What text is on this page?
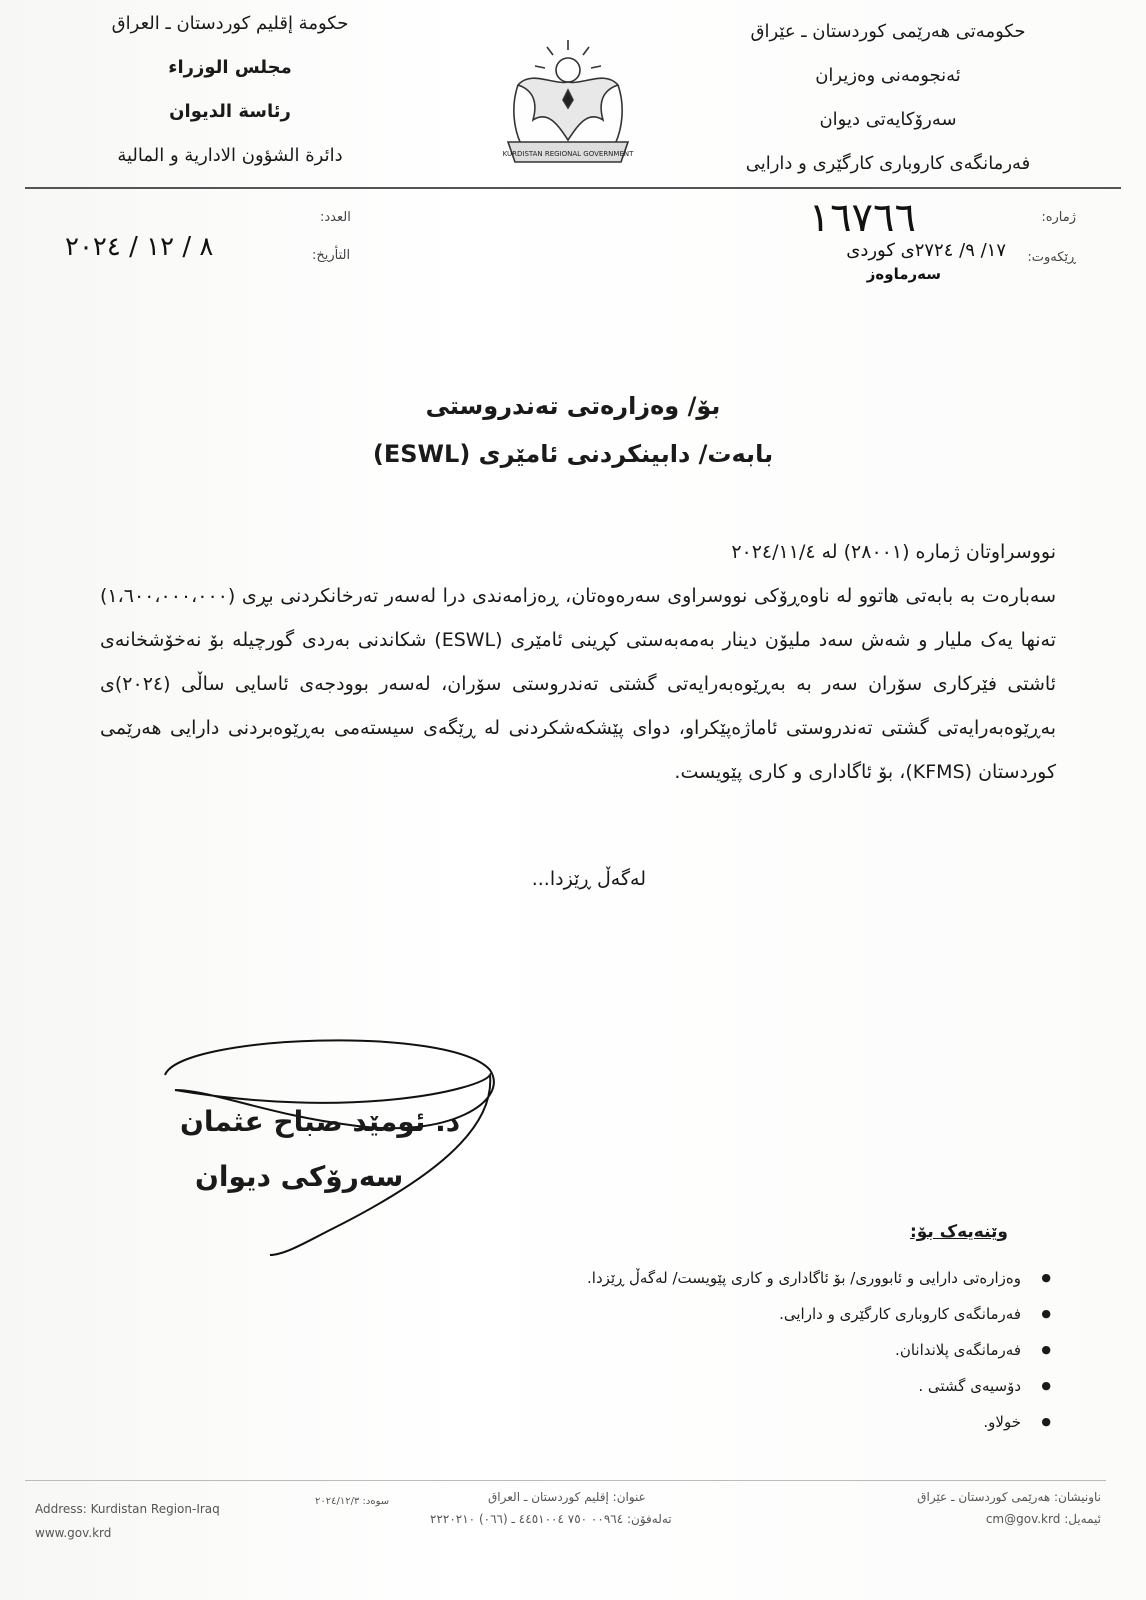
حکومەتی هەرێمی کوردستان ـ عێراق
ئەنجومەنی وەزیران
سەرۆکایەتی دیوان
فەرمانگەی کاروباری کارگێری و دارایی
KURDISTAN REGIONAL GOVERNMENT
حكومة إقليم كوردستان ـ العراق
مجلس الوزراء
رئاسة الديوان
دائرة الشؤون الادارية و المالية
ژمارە:
١٦٧٦٦
ڕێکەوت:
١٧/ ٩/ ٢٧٢٤ی کوردی
سەرماوەز
العدد:
التأريخ:
٨ / ١٢ / ٢٠٢٤
بۆ/ وەزارەتی تەندروستی
بابەت/ دابینکردنی ئامێری (ESWL)

نووسراوتان ژمارە (٢٨٠٠١) لە ٢٠٢٤/١١/٤

سەبارەت بە بابەتی هاتوو لە ناوەڕۆکی نووسراوی سەرەوەتان، ڕەزامەندی درا لەسەر تەرخانکردنی بڕی (١،٦٠٠،٠٠٠،٠٠٠) تەنها یەک ملیار و شەش سەد ملیۆن دینار بەمەبەستی کڕینی ئامێری (ESWL) شکاندنی بەردی گورچیلە بۆ نەخۆشخانەی ئاشتی فێرکاری سۆران سەر بە بەڕێوەبەرایەتی گشتی تەندروستی سۆران، لەسەر بوودجەی ئاسایی ساڵی (٢٠٢٤)ی بەڕێوەبەرایەتی گشتی تەندروستی ئاماژەپێکراو، دوای پێشکەشکردنی لە ڕێگەی سیستەمی بەڕێوەبردنی دارایی هەرێمی کوردستان (KFMS)، بۆ ئاگاداری و کاری پێویست.

لەگەڵ ڕێزدا...
د. ئومێد صباح عثمان
سەرۆکی دیوان
وێنەیەک بۆ:
● وەزارەتی دارایی و ئابووری/ بۆ ئاگاداری و کاری پێویست/ لەگەڵ ڕێزدا.
● فەرمانگەی کاروباری کارگێری و دارایی.
● فەرمانگەی پلاندانان.
● دۆسیەی گشتی .
● خولاو.
Address: Kurdistan Region-Iraq
www.gov.krd
سوەد: ٢٠٢٤/١٢/٣	عنوان: إقليم كوردستان ـ العراق
تەلەفۆن: ٠٠٩٦٤ ٧٥٠ ٤٤٥١٠٠٤ ـ (٠٦٦) ٢٢٢٠٢١٠
ناونیشان: هەرێمی کوردستان ـ عێراق
ئیمەیل: cm@gov.krd
